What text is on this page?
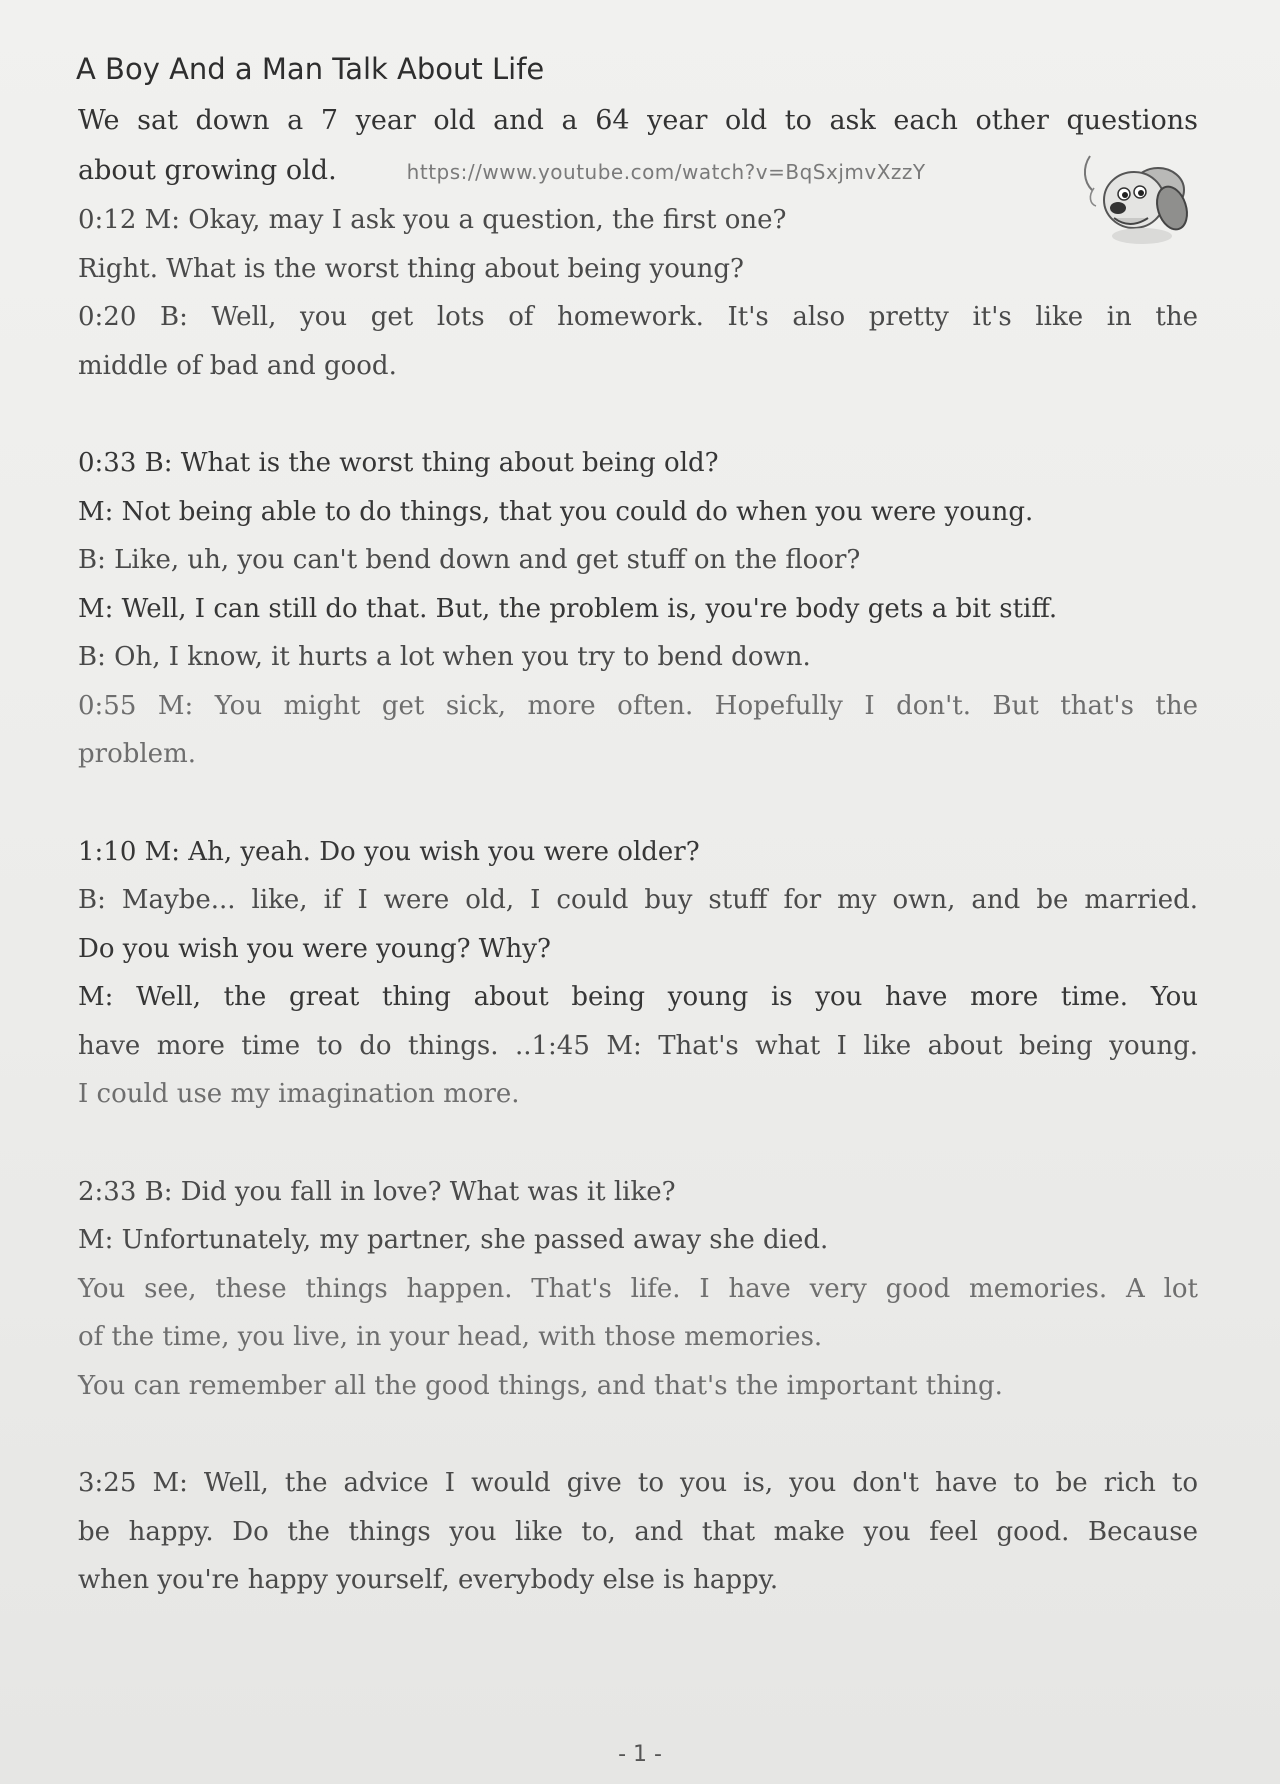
A Boy And a Man Talk About Life
We sat down a 7 year old and a 64 year old to ask each other questions
about growing old.	https://www.youtube.com/watch?v=BqSxjmvXzzY
0:12 M: Okay, may I ask you a question, the first one?
Right. What is the worst thing about being young?
0:20 B: Well, you get lots of homework. It's also pretty it's like in the
middle of bad and good.
0:33 B: What is the worst thing about being old?
M: Not being able to do things, that you could do when you were young.
B: Like, uh, you can't bend down and get stuff on the floor?
M: Well, I can still do that. But, the problem is, you're body gets a bit stiff.
B: Oh, I know, it hurts a lot when you try to bend down.
0:55 M: You might get sick, more often. Hopefully I don't. But that's the
problem.
1:10 M: Ah, yeah. Do you wish you were older?
B: Maybe... like, if I were old, I could buy stuff for my own, and be married.
Do you wish you were young? Why?
M: Well, the great thing about being young is you have more time. You
have more time to do things. ..1:45 M: That's what I like about being young.
I could use my imagination more.
2:33 B: Did you fall in love? What was it like?
M: Unfortunately, my partner, she passed away she died.
You see, these things happen. That's life. I have very good memories. A lot
of the time, you live, in your head, with those memories.
You can remember all the good things, and that's the important thing.
3:25 M: Well, the advice I would give to you is, you don't have to be rich to
be happy. Do the things you like to, and that make you feel good. Because
when you're happy yourself, everybody else is happy.
- 1 -
